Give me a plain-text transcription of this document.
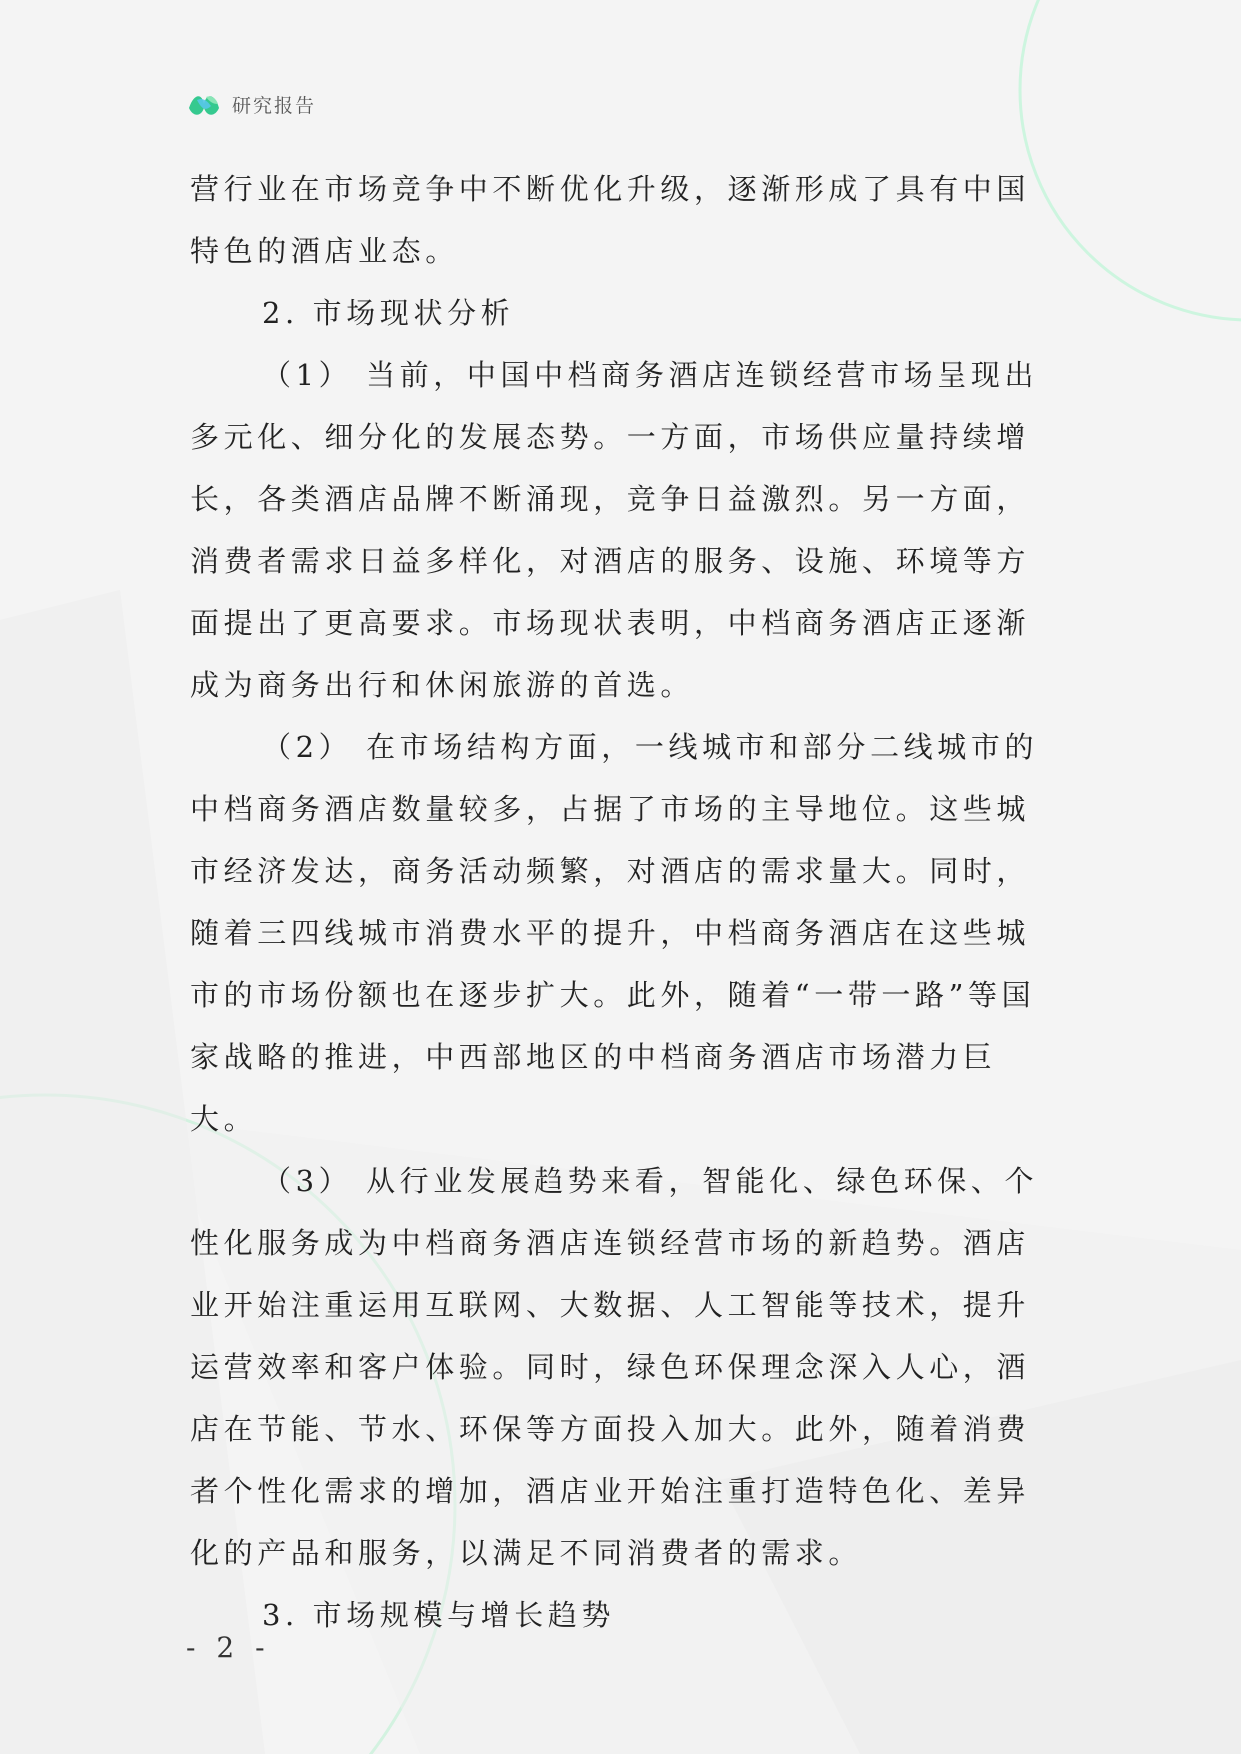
研究报告

营行业在市场竞争中不断优化升级，逐渐形成了具有中国特色的酒店业态。

2. 市场现状分析

（1） 当前，中国中档商务酒店连锁经营市场呈现出多元化、细分化的发展态势。一方面，市场供应量持续增长，各类酒店品牌不断涌现，竞争日益激烈。另一方面，消费者需求日益多样化，对酒店的服务、设施、环境等方面提出了更高要求。市场现状表明，中档商务酒店正逐渐成为商务出行和休闲旅游的首选。

（2） 在市场结构方面，一线城市和部分二线城市的中档商务酒店数量较多，占据了市场的主导地位。这些城市经济发达，商务活动频繁，对酒店的需求量大。同时，随着三四线城市消费水平的提升，中档商务酒店在这些城市的市场份额也在逐步扩大。此外，随着“一带一路”等国家战略的推进，中西部地区的中档商务酒店市场潜力巨大。

（3） 从行业发展趋势来看，智能化、绿色环保、个性化服务成为中档商务酒店连锁经营市场的新趋势。酒店业开始注重运用互联网、大数据、人工智能等技术，提升运营效率和客户体验。同时，绿色环保理念深入人心，酒店在节能、节水、环保等方面投入加大。此外，随着消费者个性化需求的增加，酒店业开始注重打造特色化、差异化的产品和服务，以满足不同消费者的需求。

3. 市场规模与增长趋势

- 2 -
